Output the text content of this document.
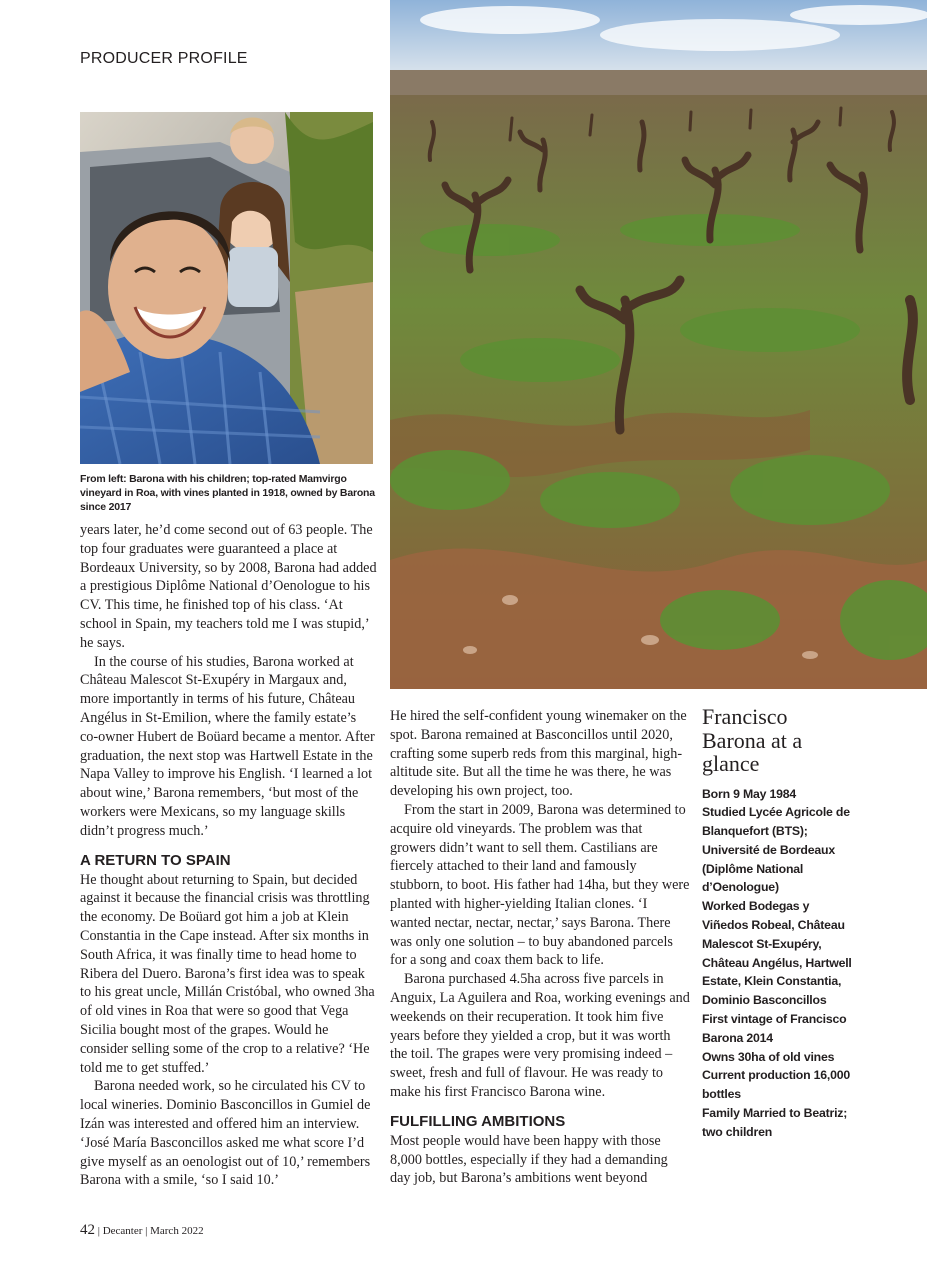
PRODUCER PROFILE
From left: Barona with his children; top-rated Mamvirgo vineyard in Roa, with vines planted in 1918, owned by Barona since 2017

years later, he’d come second out of 63 people. The top four graduates were guaranteed a place at Bordeaux University, so by 2008, Barona had added a prestigious Diplôme National d’Oenologue to his CV. This time, he finished top of his class. ‘At school in Spain, my teachers told me I was stupid,’ he says.

In the course of his studies, Barona worked at Château Malescot St-Exupéry in Margaux and, more importantly in terms of his future, Château Angélus in St-Emilion, where the family estate’s co-owner Hubert de Boüard became a mentor. After graduation, the next stop was Hartwell Estate in the Napa Valley to improve his English. ‘I learned a lot about wine,’ Barona remembers, ‘but most of the workers were Mexicans, so my language skills didn’t progress much.’

A RETURN TO SPAIN

He thought about returning to Spain, but decided against it because the financial crisis was throttling the economy. De Boüard got him a job at Klein Constantia in the Cape instead. After six months in South Africa, it was finally time to head home to Ribera del Duero. Barona’s first idea was to speak to his great uncle, Millán Cristóbal, who owned 3ha of old vines in Roa that were so good that Vega Sicilia bought most of the grapes. Would he consider selling some of the crop to a relative? ‘He told me to get stuffed.’

Barona needed work, so he circulated his CV to local wineries. Dominio Basconcillos in Gumiel de Izán was interested and offered him an interview. ‘José María Basconcillos asked me what score I’d give myself as an oenologist out of 10,’ remembers Barona with a smile, ‘so I said 10.’

He hired the self-confident young winemaker on the spot. Barona remained at Basconcillos until 2020, crafting some superb reds from this marginal, high-altitude site. But all the time he was there, he was developing his own project, too.

From the start in 2009, Barona was determined to acquire old vineyards. The problem was that growers didn’t want to sell them. Castilians are fiercely attached to their land and famously stubborn, to boot. His father had 14ha, but they were planted with higher-yielding Italian clones. ‘I wanted nectar, nectar, nectar,’ says Barona. There was only one solution – to buy abandoned parcels for a song and coax them back to life.

Barona purchased 4.5ha across five parcels in Anguix, La Aguilera and Roa, working evenings and weekends on their recuperation. It took him five years before they yielded a crop, but it was worth the toil. The grapes were very promising indeed – sweet, fresh and full of flavour. He was ready to make his first Francisco Barona wine.

FULFILLING AMBITIONS

Most people would have been happy with those 8,000 bottles, especially if they had a demanding day job, but Barona’s ambitions went beyond

Francisco Barona at a glance

Born 9 May 1984

Studied Lycée Agricole de Blanquefort (BTS); Université de Bordeaux (Diplôme National d’Oenologue)

Worked Bodegas y Viñedos Robeal, Château Malescot St-Exupéry, Château Angélus, Hartwell Estate, Klein Constantia, Dominio Basconcillos

First vintage of Francisco Barona 2014

Owns 30ha of old vines

Current production 16,000 bottles

Family Married to Beatriz; two children

42 | Decanter | March 2022
